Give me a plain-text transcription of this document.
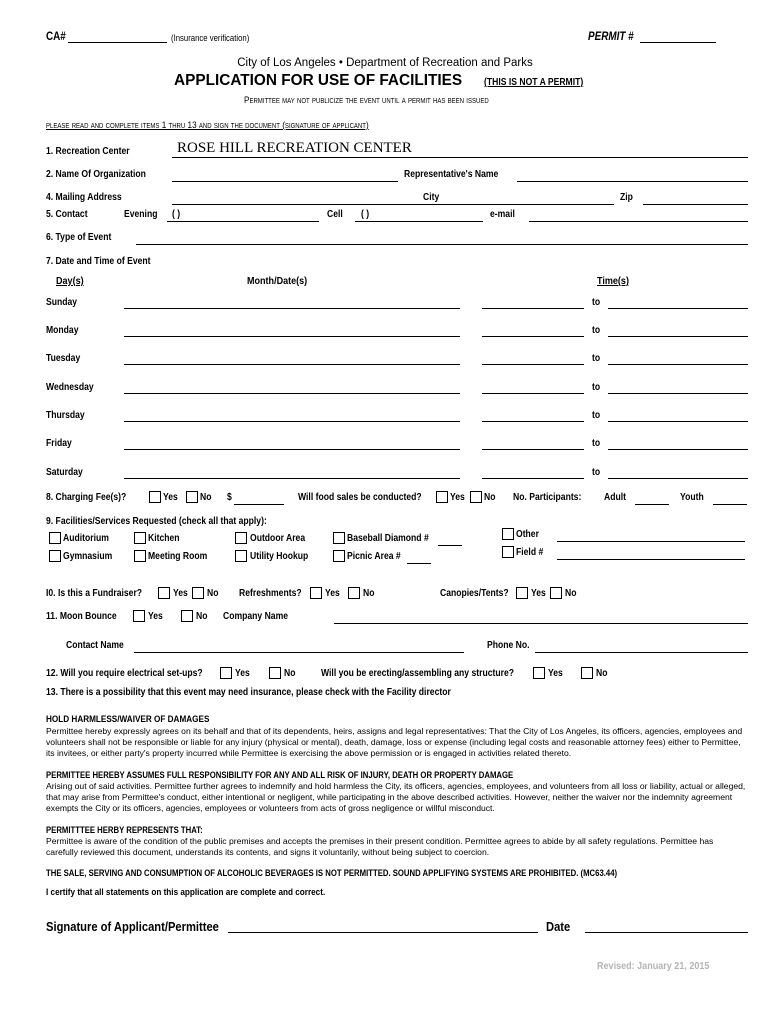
CA#	(Insurance verification)	PERMIT #
City of Los Angeles • Department of Recreation and Parks
APPLICATION FOR USE OF FACILITIES (THIS IS NOT A PERMIT)
Permittee may not publicize the event until a permit has been issued
please read and complete items 1 thru 13 and sign the document (signature of applicant)
1. Recreation Center	ROSE HILL RECREATION CENTER
2. Name Of Organization	Representative's Name
4. Mailing Address	City	Zip
5. Contact	Evening ( )	Cell ( )	e-mail
6. Type of Event
7. Date and Time of Event
Day(s)	Month/Date(s)	Time(s)
Sunday	to
Monday	to
Tuesday	to
Wednesday	to
Thursday	to
Friday	to
Saturday	to
8. Charging Fee(s)?	Yes No $	Will food sales be conducted?	Yes No No. Participants: Adult	Youth
9. Facilities/Services Requested (check all that apply):
Auditorium	Kitchen	Outdoor Area	Baseball Diamond #	Other
Gymnasium	Meeting Room	Utility Hookup	Picnic Area #	Field #
I0. Is this a Fundraiser?	Yes No Refreshments? Yes No	Canopies/Tents? Yes No
11. Moon Bounce	Yes	No Company Name
Contact Name	Phone No.
12. Will you require electrical set-ups?	Yes	No	Will you be erecting/assembling any structure?	Yes	No
13. There is a possibility that this event may need insurance, please check with the Facility director
HOLD HARMLESS/WAIVER OF DAMAGES
Permittee hereby expressly agrees on its behalf and that of its dependents, heirs, assigns and legal representatives: That the City of Los Angeles, its officers, agencies, employees and volunteers shall not be responsible or liable for any injury (physical or mental), death, damage, loss or expense (including legal costs and reasonable attorney fees) either to Permittee, its invitees, or either party's property incurred while Permittee is exercising the above permission or is engaged in activities related thereto.
PERMITTEE HEREBY ASSUMES FULL RESPONSIBILITY FOR ANY AND ALL RISK OF INJURY, DEATH OR PROPERTY DAMAGE
Arising out of said activities. Permittee further agrees to indemnify and hold harmless the City, its officers, agencies, employees, and volunteers from all loss or liability, actual or alleged, that may arise from Permittee's conduct, either intentional or negligent, while participating in the above described activities. However, neither the waiver nor the indemnity agreement exempts the City or its officers, agencies, employees or volunteers from acts of gross negligence or willful misconduct.
PERMITTTEE HERBY REPRESENTS THAT:
Permittee is aware of the condition of the public premises and accepts the premises in their present condition. Permittee agrees to abide by all safety regulations. Permittee has carefully reviewed this document, understands its contents, and signs it voluntarily, without being subject to coercion.
THE SALE, SERVING AND CONSUMPTION OF ALCOHOLIC BEVERAGES IS NOT PERMITTED. SOUND APPLIFYING SYSTEMS ARE PROHIBITED. (MC63.44)
I certify that all statements on this application are complete and correct.
Signature of Applicant/Permittee	Date
Revised: January 21, 2015
